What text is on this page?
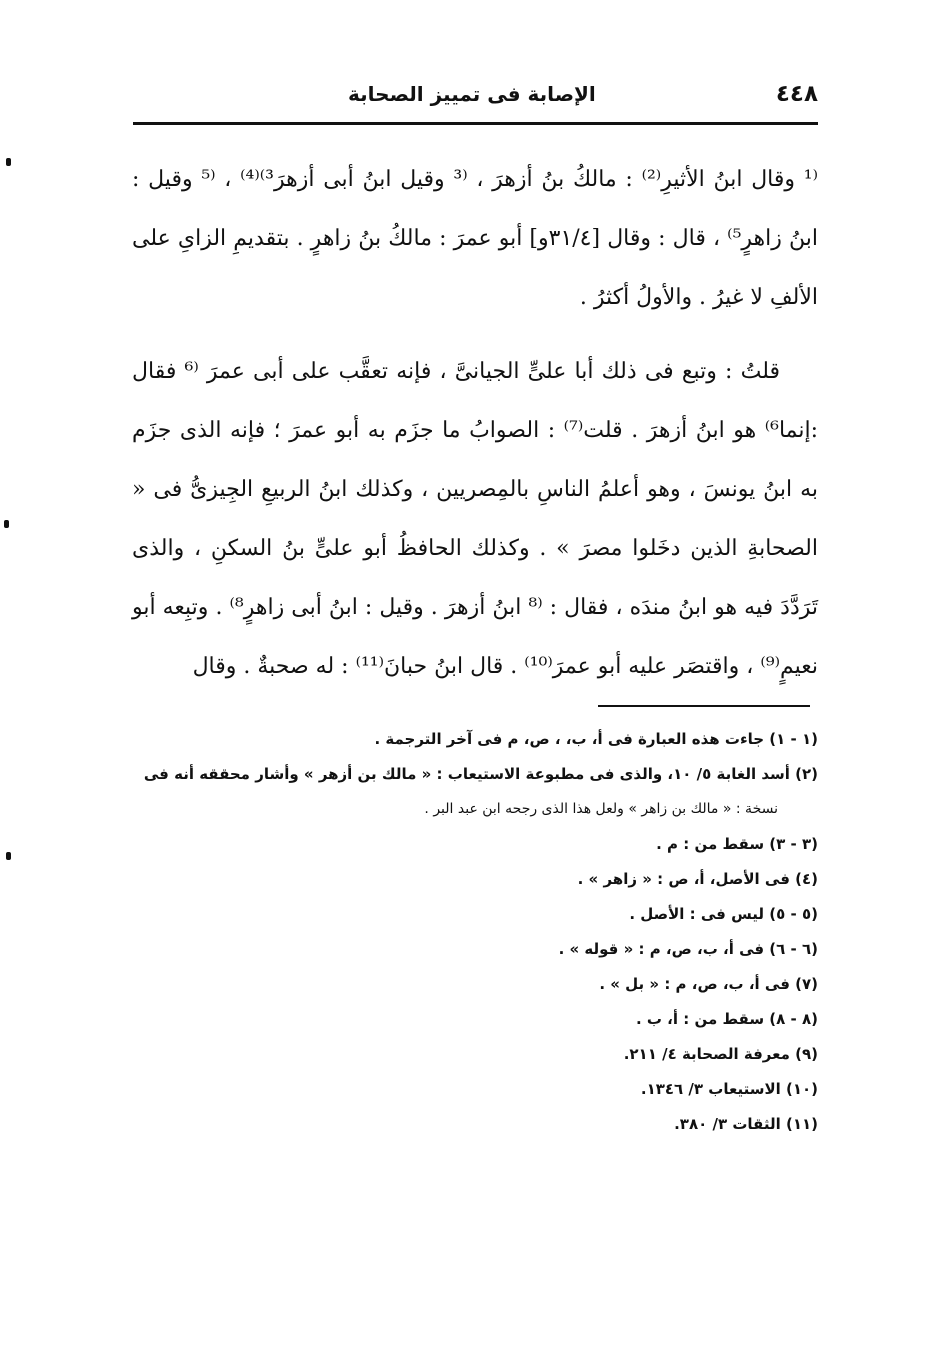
٤٤٨
الإصابة فى تمييز الصحابة

⁽¹ وقال ابنُ الأثيرِ⁽²⁾ : مالكُ بنُ أزهرَ ، ⁽³ وقيل ابنُ أبى أزهرَ³⁾⁽⁴⁾ ، ⁽⁵ وقيل : ابنُ زاهرٍ⁵⁾ ، قال : وقال [٣١/٤و] أبو عمرَ : مالكُ بنُ زاهرٍ . بتقديمِ الزاىِ على الألفِ لا غيرُ . والأولُ أكثرُ .

قلتُ : وتبع فى ذلك أبا علىٍّ الجيانىَّ ، فإنه تعقَّب على أبى عمرَ ⁽⁶ فقال :إنما⁶⁾ هو ابنُ أزهرَ . قلت⁽⁷⁾ : الصوابُ ما جزَم به أبو عمرَ ؛ فإنه الذى جزَم به ابنُ يونسَ ، وهو أعلمُ الناسِ بالمِصريين ، وكذلك ابنُ الربيعِ الجِيزىُّ فى « الصحابةِ الذين دخَلوا مصرَ » . وكذلك الحافظُ أبو علىٍّ بنُ السكنِ ، والذى تَرَدَّدَ فيه هو ابنُ مندَه ، فقال : ⁽⁸ ابنُ أزهرَ . وقيل : ابنُ أبى زاهرٍ⁸⁾ . وتبِعه أبو نعيمٍ⁽⁹⁾ ، واقتصَر عليه أبو عمرَ⁽¹⁰⁾ . قال ابنُ حبانَ⁽¹¹⁾ : له صحبةٌ . وقال

(١ - ١) جاءت هذه العبارة فى أ، ب، ، ص، م فى آخر الترجمة .

(٢) أسد الغابة ٥/ ١٠، والذى فى مطبوعة الاستيعاب : « مالك بن أزهر » وأشار محققه أنه فى

نسخة : « مالك بن زاهر » ولعل هذا الذى رجحه ابن عبد البر .

(٣ - ٣) سقط من : م .

(٤) فى الأصل، أ، ص : « زاهر » .

(٥ - ٥) ليس فى : الأصل .

(٦ - ٦) فى أ، ب، ص، م : « قوله » .

(٧) فى أ، ب، ص، م : « بل » .

(٨ - ٨) سقط من : أ، ب .

(٩) معرفة الصحابة ٤/ ٢١١.

(١٠) الاستيعاب ٣/ ١٣٤٦.

(١١) الثقات ٣/ ٣٨٠.
